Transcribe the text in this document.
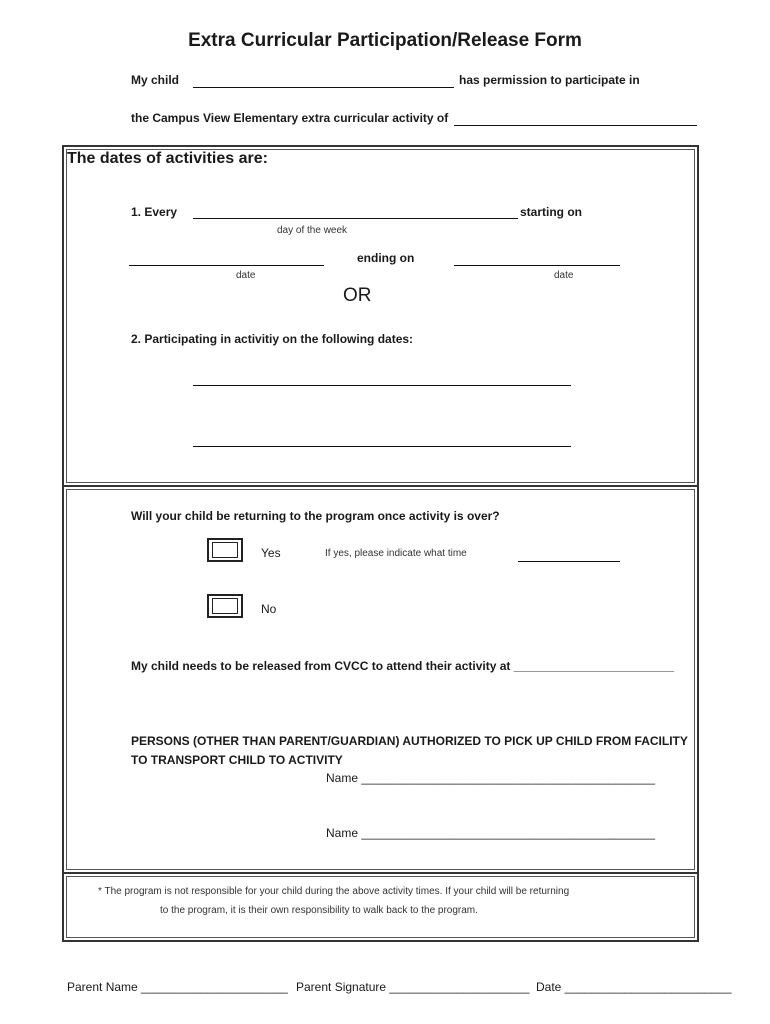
Extra Curricular Participation/Release Form
My child	has permission to participate in
the Campus View Elementary extra curricular activity of
The dates of activities are:
1. Every	starting on
day of the week
ending on
date	date
OR
2. Participating in activitiy on the following dates:
Will your child be returning to the program once activity is over?
Yes	If yes, please indicate what time
No
My child needs to be released from CVCC to attend their activity at ________________________
PERSONS (OTHER THAN PARENT/GUARDIAN) AUTHORIZED TO PICK UP CHILD FROM FACILITY
TO TRANSPORT CHILD TO ACTIVITY
Name ____________________________________________
Name ____________________________________________
* The program is not responsible for your child during the above activity times. If your child will be returning
to the program, it is their own responsibility to walk back to the program.
Parent Name ______________________ Parent Signature _____________________ Date _________________________
